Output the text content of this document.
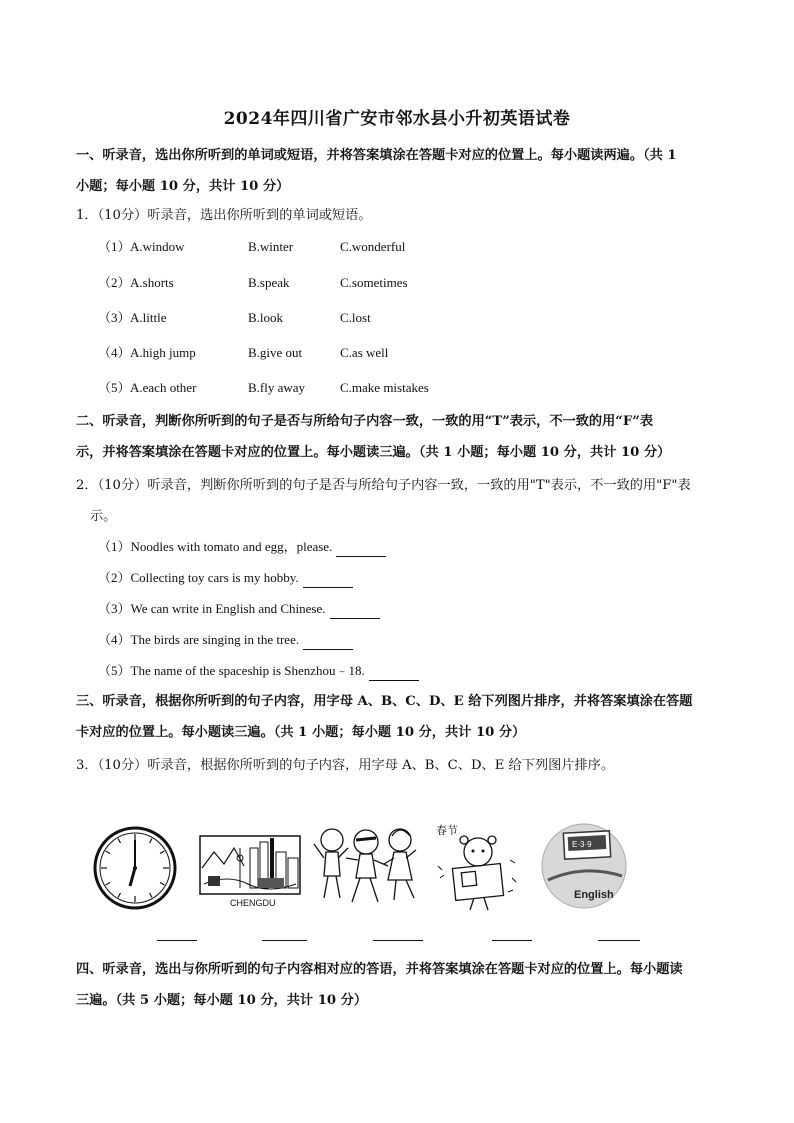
2024年四川省广安市邻水县小升初英语试卷
一、听录音，选出你所听到的单词或短语，并将答案填涂在答题卡对应的位置上。每小题读两遍。（共 1
小题；每小题 10 分，共计 10 分）
1．（10分）听录音，选出你所听到的单词或短语。
（1） A.window	B.winter	C.wonderful
（2） A.shorts	B.speak	C.sometimes
（3） A.little	B.look	C.lost
（4） A.high jump	B.give out	C.as well
（5） A.each other	B.fly away	C.make mistakes
二、听录音，判断你所听到的句子是否与所给句子内容一致，一致的用“T”表示，不一致的用“F”表
示，并将答案填涂在答题卡对应的位置上。每小题读三遍。（共 1 小题；每小题 10 分，共计 10 分）
2．（10分）听录音，判断你所听到的句子是否与所给句子内容一致，一致的用"T"表示，不一致的用"F"表
示。
（1）Noodles with tomato and egg，please.
（2）Collecting toy cars is my hobby.
（3）We can write in English and Chinese.
（4）The birds are singing in the tree.
（5）The name of the spaceship is Shenzhou﹣18.
三、听录音，根据你所听到的句子内容，用字母 A、B、C、D、E 给下列图片排序，并将答案填涂在答题
卡对应的位置上。每小题读三遍。（共 1 小题；每小题 10 分，共计 10 分）
3．（10分）听录音，根据你所听到的句子内容，用字母 A、B、C、D、E 给下列图片排序。
CHENGDU
春节
E·3·9
English
四、听录音，选出与你所听到的句子内容相对应的答语，并将答案填涂在答题卡对应的位置上。每小题读
三遍。（共 5 小题；每小题 10 分，共计 10 分）
